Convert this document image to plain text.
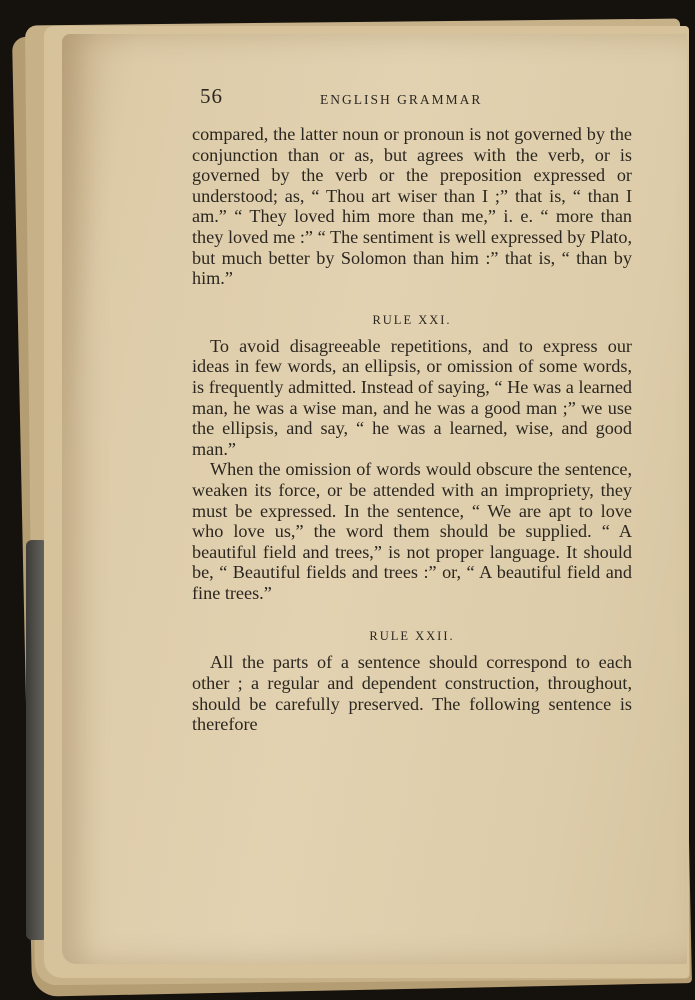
56	ENGLISH GRAMMAR

compared, the latter noun or pronoun is not governed by the conjunction than or as, but agrees with the verb, or is governed by the verb or the preposition expressed or understood; as, “ Thou art wiser than I ;” that is, “ than I am.” “ They loved him more than me,” i. e. “ more than they loved me :” “ The sentiment is well expressed by Plato, but much better by Solomon than him :” that is, “ than by him.”

RULE XXI.

To avoid disagreeable repetitions, and to express our ideas in few words, an ellipsis, or omission of some words, is frequently admitted. Instead of saying, “ He was a learned man, he was a wise man, and he was a good man ;” we use the ellipsis, and say, “ he was a learned, wise, and good man.”

When the omission of words would obscure the sentence, weaken its force, or be attended with an impropriety, they must be expressed. In the sentence, “ We are apt to love who love us,” the word them should be supplied. “ A beautiful field and trees,” is not proper language. It should be, “ Beautiful fields and trees :” or, “ A beautiful field and fine trees.”

RULE XXII.

All the parts of a sentence should correspond to each other ; a regular and dependent construction, throughout, should be carefully preserved. The following sentence is therefore
